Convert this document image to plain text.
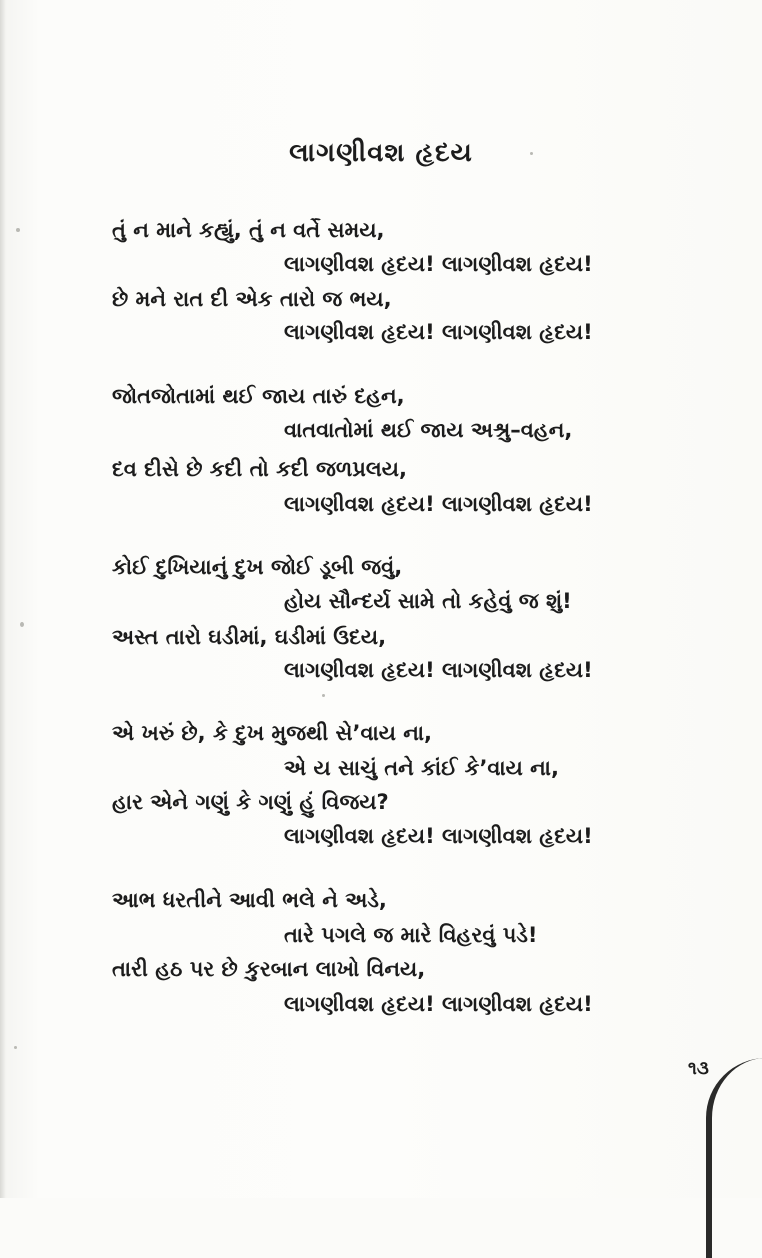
લાગણીવશ હૃદય
તું ન માને કહ્યું, તું ન વર્તે સમય,
લાગણીવશ હૃદય! લાગણીવશ હૃદય!
છે મને રાત દી એક તારો જ ભય,
લાગણીવશ હૃદય! લાગણીવશ હૃદય!
જોતજોતામાં થઈ જાય તારું દહન,
વાતવાતોમાં થઈ જાય અશ્રુ–વહન,
દવ દીસે છે કદી તો કદી જળપ્રલય,
લાગણીવશ હૃદય! લાગણીવશ હૃદય!
કોઈ દુખિયાનું દુખ જોઈ ડૂબી જવું,
હોય સૌન્દર્ય સામે તો કહેવું જ શું!
અસ્ત તારો ઘડીમાં, ઘડીમાં ઉદય,
લાગણીવશ હૃદય! લાગણીવશ હૃદય!
એ ખરું છે, કે દુખ મુજથી સે’વાય ના,
એ ય સાચું તને કાંઈ કે’વાય ના,
હાર એને ગણું કે ગણું હું વિજય?
લાગણીવશ હૃદય! લાગણીવશ હૃદય!
આભ ધરતીને આવી ભલે ને અડે,
તારે પગલે જ મારે વિહરવું પડે!
તારી હઠ પર છે કુરબાન લાખો વિનય,
લાગણીવશ હૃદય! લાગણીવશ હૃદય!
૧૩
